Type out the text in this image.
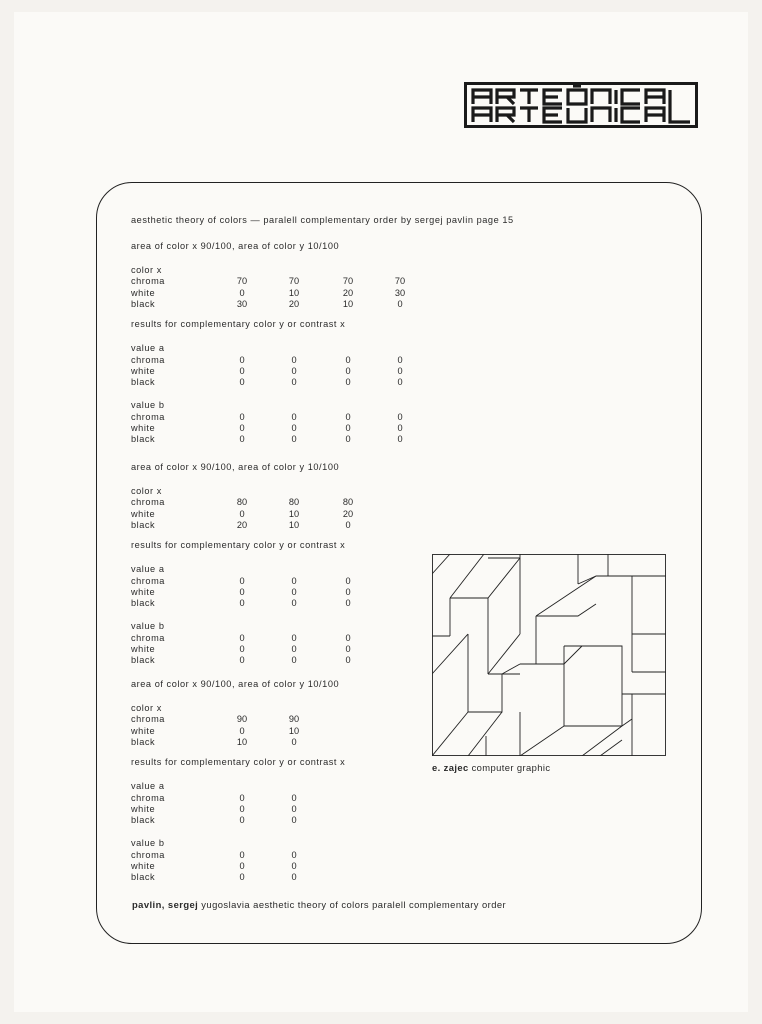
aesthetic theory of colors — paralell complementary order by sergej pavlin page 15
area of color x 90/100, area of color y 10/100
color x
chroma	70	70	70	70
white	0	10	20	30
black	30	20	10	0
results for complementary color y or contrast x
value a
chroma	0	0	0	0
white	0	0	0	0
black	0	0	0	0
value b
chroma	0	0	0	0
white	0	0	0	0
black	0	0	0	0
area of color x 90/100, area of color y 10/100
color x
chroma	80	80	80
white	0	10	20
black	20	10	0
results for complementary color y or contrast x
value a
chroma	0	0	0
white	0	0	0
black	0	0	0
value b
chroma	0	0	0
white	0	0	0
black	0	0	0
area of color x 90/100, area of color y 10/100
color x
chroma	90	90
white	0	10
black	10	0
results for complementary color y or contrast x
value a
chroma	0	0
white	0	0
black	0	0
value b
chroma	0	0
white	0	0
black	0	0
e. zajec computer graphic
pavlin, sergej yugoslavia aesthetic theory of colors paralell complementary order
